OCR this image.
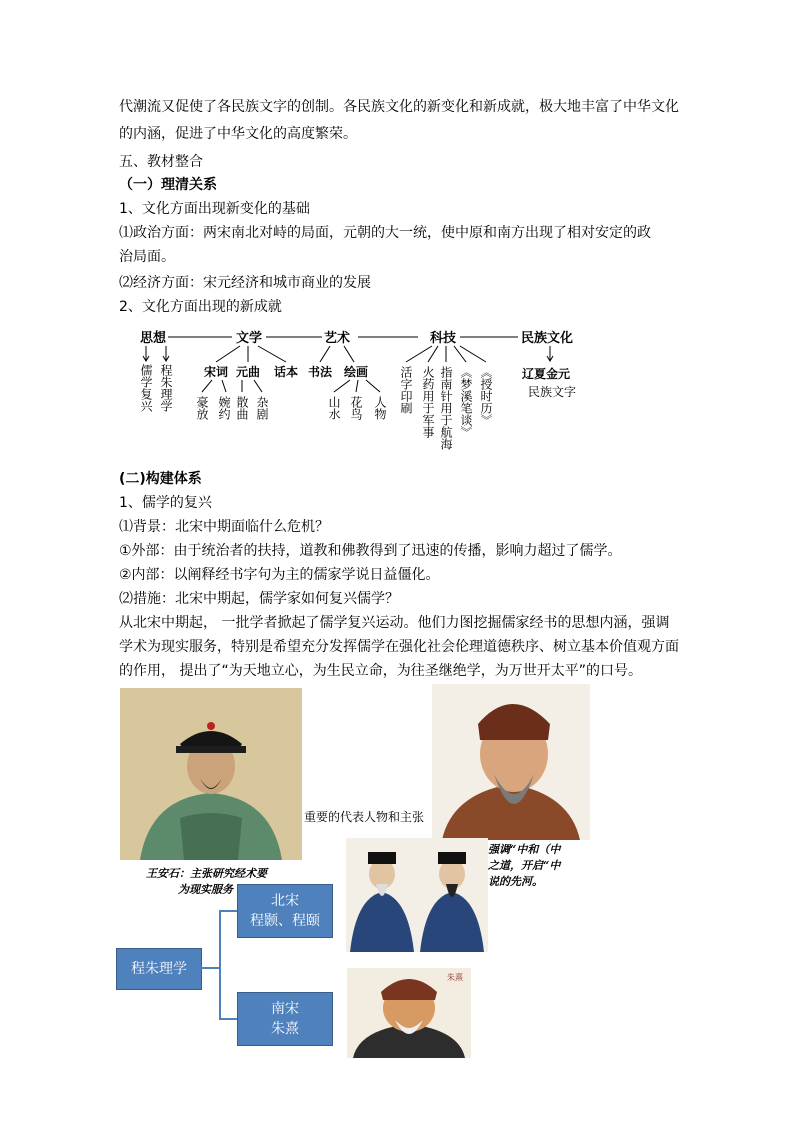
代潮流又促使了各民族文字的创制。各民族文化的新变化和新成就，极大地丰富了中华文化
的内涵，促进了中华文化的高度繁荣。
五、教材整合
（一）理清关系
1、文化方面出现新变化的基础
⑴政治方面：两宋南北对峙的局面，元朝的大一统，使中原和南方出现了相对安定的政
治局面。
⑵经济方面：宋元经济和城市商业的发展
2、文化方面出现的新成就
思想	文学	艺术	科技	民族文化
儒学复兴 程朱理学	宋词 元曲 话本
豪放 婉约 散曲 杂剧
书法 绘画
山水 花鸟 人物 活字印刷 火药用于军事 指南针用于航海 《梦溪笔谈》 《授时历》 辽夏金元
民族文字
(二)构建体系
1、儒学的复兴
⑴背景：北宋中期面临什么危机？
①外部：由于统治者的扶持，道教和佛教得到了迅速的传播，影响力超过了儒学。
②内部：以阐释经书字句为主的儒家学说日益僵化。
⑵措施：北宋中期起，儒学家如何复兴儒学？
从北宋中期起， 一批学者掀起了儒学复兴运动。他们力图挖掘儒家经书的思想内涵，强调
学术为现实服务，特别是希望充分发挥儒学在强化社会伦理道德秩序、树立基本价值观方面
的作用， 提出了“为天地立心，为生民立命，为往圣继绝学，为万世开太平”的口号。
王安石：主张研究经术要
为现实服务
重要的代表人物和主张
强调“中和（中
之道，开启“中
说的先河。
朱熹
程朱理学
北宋
程颢、程颐
南宋
朱熹
